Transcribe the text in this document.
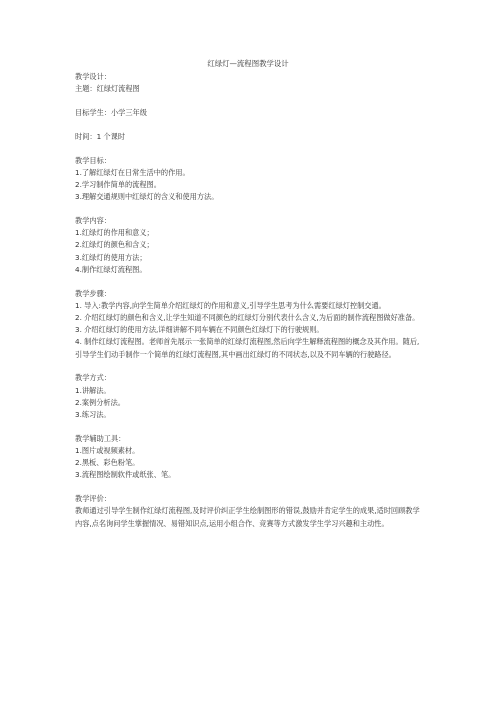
红绿灯—流程图教学设计
教学设计：
主题：红绿灯流程图
目标学生：小学三年级
时间：1 个课时
教学目标：
1.了解红绿灯在日常生活中的作用。
2.学习制作简单的流程图。
3.理解交通规则中红绿灯的含义和使用方法。
教学内容：
1.红绿灯的作用和意义；
2.红绿灯的颜色和含义；
3.红绿灯的使用方法；
4.制作红绿灯流程图。
教学步骤：
1. 导入:教学内容,向学生简单介绍红绿灯的作用和意义,引导学生思考为什么需要红绿灯控制交通。
2. 介绍红绿灯的颜色和含义,让学生知道不同颜色的红绿灯分别代表什么含义,为后面的制作流程图做好准备。
3. 介绍红绿灯的使用方法,详细讲解不同车辆在不同颜色红绿灯下的行驶规则。
4. 制作红绿灯流程图。老师首先展示一张简单的红绿灯流程图,然后向学生解释流程图的概念及其作用。随后,引导学生们动手制作一个简单的红绿灯流程图,其中画出红绿灯的不同状态,以及不同车辆的行驶路径。
教学方式：
1.讲解法。
2.案例分析法。
3.练习法。
教学辅助工具：
1.图片或视频素材。
2.黑板、彩色粉笔。
3.流程图绘制软件或纸张、笔。
教学评价：
教师通过引导学生制作红绿灯流程图,及时评价纠正学生绘制图形的错误,鼓励并肯定学生的成果,适时回顾教学内容,点名询问学生掌握情况、易错知识点,运用小组合作、竞赛等方式激发学生学习兴趣和主动性。
